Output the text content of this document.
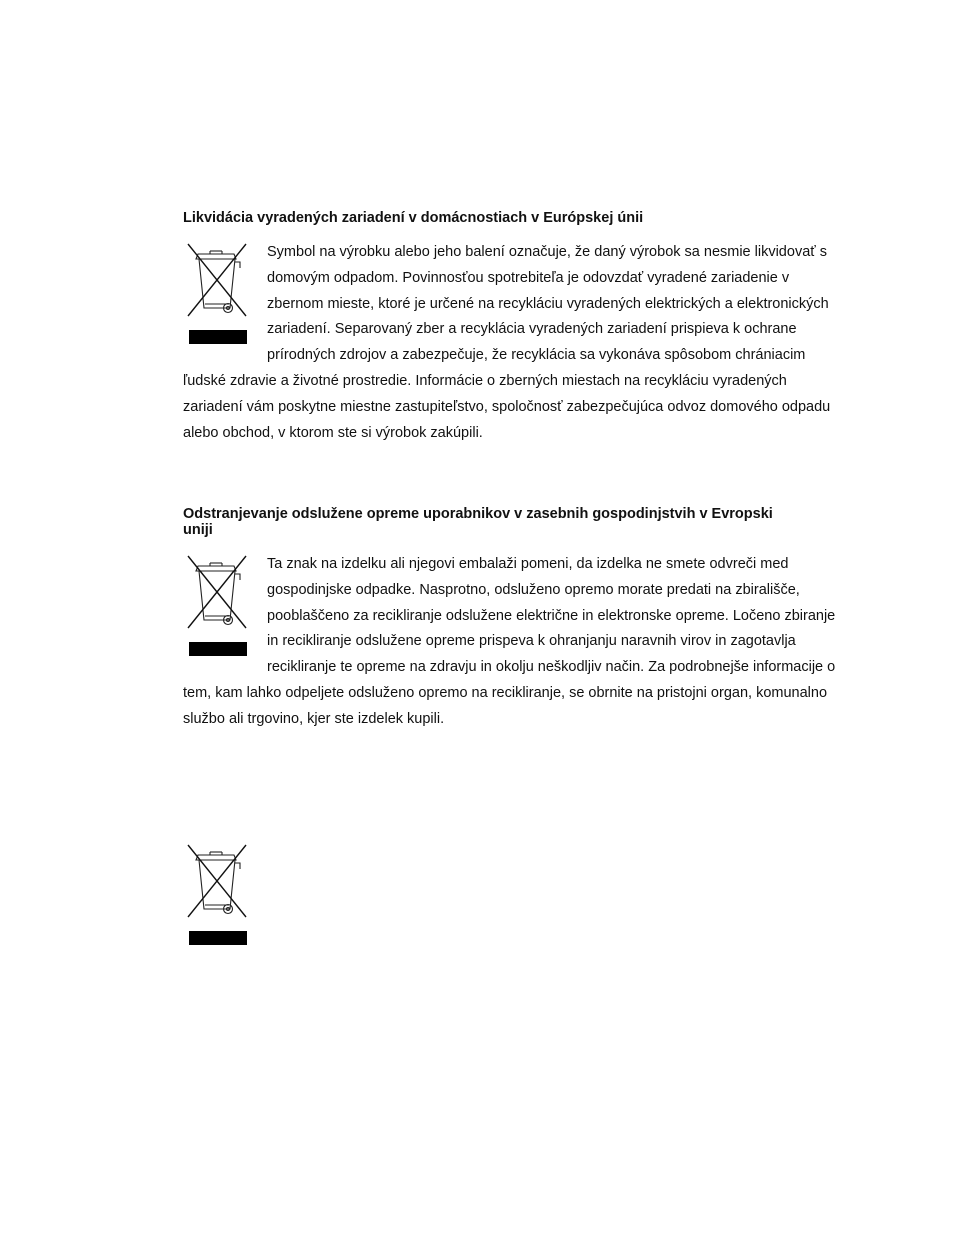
Likvidácia vyradených zariadení v domácnostiach v Európskej únii

Symbol na výrobku alebo jeho balení označuje, že daný výrobok sa nesmie likvidovať s domovým odpadom. Povinnosťou spotrebiteľa je odovzdať vyradené zariadenie v zbernom mieste, ktoré je určené na recykláciu vyradených elektrických a elektronických zariadení. Separovaný zber a recyklácia vyradených zariadení prispieva k ochrane prírodných zdrojov a zabezpečuje, že recyklácia sa vykonáva spôsobom chrániacim ľudské zdravie a životné prostredie. Informácie o zberných miestach na recykláciu vyradených zariadení vám poskytne miestne zastupiteľstvo, spoločnosť zabezpečujúca odvoz domového odpadu alebo obchod, v ktorom ste si výrobok zakúpili.

Odstranjevanje odslužene opreme uporabnikov v zasebnih gospodinjstvih v Evropski
uniji

Ta znak na izdelku ali njegovi embalaži pomeni, da izdelka ne smete odvreči med gospodinjske odpadke. Nasprotno, odsluženo opremo morate predati na zbirališče, pooblaščeno za recikliranje odslužene električne in elektronske opreme. Ločeno zbiranje in recikliranje odslužene opreme prispeva k ohranjanju naravnih virov in zagotavlja recikliranje te opreme na zdravju in okolju neškodljiv način. Za podrobnejše informacije o tem, kam lahko odpeljete odsluženo opremo na recikliranje, se obrnite na pristojni organ, komunalno službo ali trgovino, kjer ste izdelek kupili.
